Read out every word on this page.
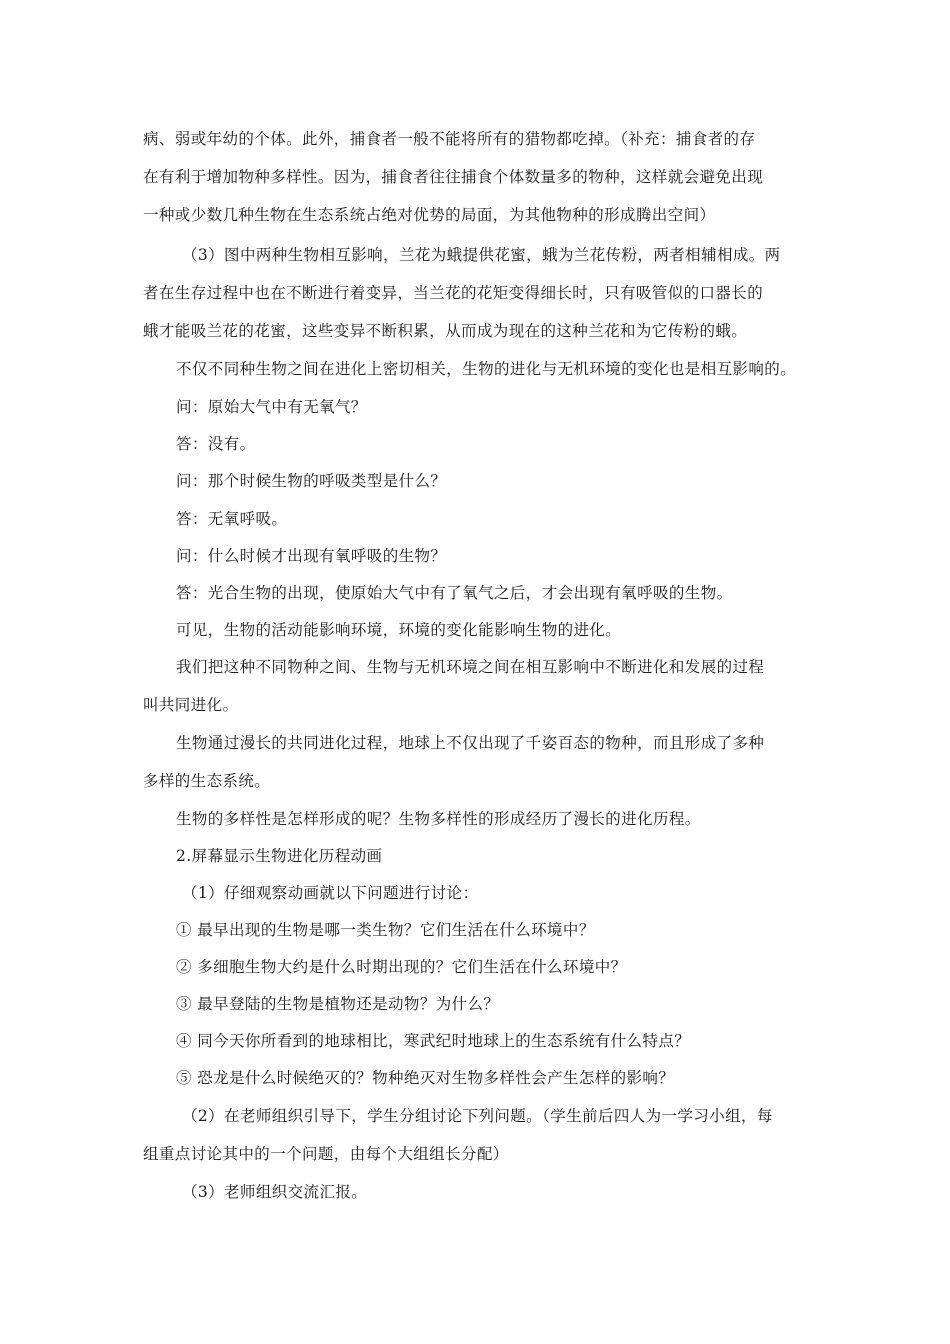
病、弱或年幼的个体。此外，捕食者一般不能将所有的猎物都吃掉。（补充：捕食者的存
在有利于增加物种多样性。因为，捕食者往往捕食个体数量多的物种，这样就会避免出现
一种或少数几种生物在生态系统占绝对优势的局面，为其他物种的形成腾出空间）
（3）图中两种生物相互影响，兰花为蛾提供花蜜，蛾为兰花传粉，两者相辅相成。两
者在生存过程中也在不断进行着变异，当兰花的花矩变得细长时，只有吸管似的口器长的
蛾才能吸兰花的花蜜，这些变异不断积累，从而成为现在的这种兰花和为它传粉的蛾。
不仅不同种生物之间在进化上密切相关，生物的进化与无机环境的变化也是相互影响的。
问：原始大气中有无氧气？
答：没有。
问：那个时候生物的呼吸类型是什么？
答：无氧呼吸。
问：什么时候才出现有氧呼吸的生物？
答：光合生物的出现，使原始大气中有了氧气之后，才会出现有氧呼吸的生物。
可见，生物的活动能影响环境，环境的变化能影响生物的进化。
我们把这种不同物种之间、生物与无机环境之间在相互影响中不断进化和发展的过程
叫共同进化。
生物通过漫长的共同进化过程，地球上不仅出现了千姿百态的物种，而且形成了多种
多样的生态系统。
生物的多样性是怎样形成的呢？生物多样性的形成经历了漫长的进化历程。
2.屏幕显示生物进化历程动画
（1）仔细观察动画就以下问题进行讨论：
① 最早出现的生物是哪一类生物？它们生活在什么环境中？
② 多细胞生物大约是什么时期出现的？它们生活在什么环境中？
③ 最早登陆的生物是植物还是动物？为什么？
④ 同今天你所看到的地球相比，寒武纪时地球上的生态系统有什么特点？
⑤ 恐龙是什么时候绝灭的？物种绝灭对生物多样性会产生怎样的影响？
（2）在老师组织引导下，学生分组讨论下列问题。（学生前后四人为一学习小组，每
组重点讨论其中的一个问题，由每个大组组长分配）
（3）老师组织交流汇报。
